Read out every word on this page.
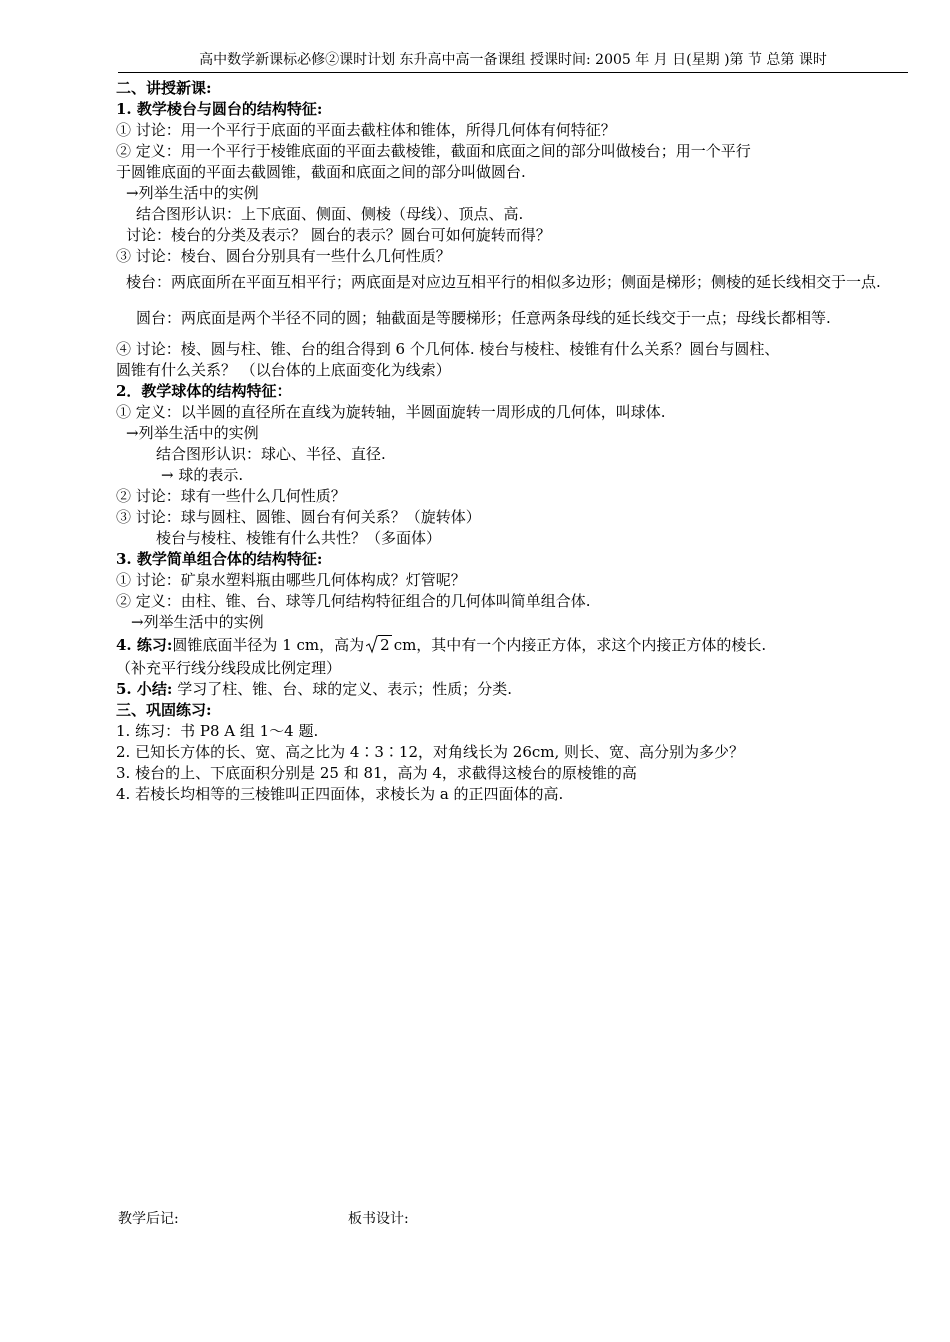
高中数学新课标必修②课时计划 东升高中高一备课组 授课时间: 2005 年 月 日(星期 )第 节 总第 课时
二、讲授新课:
1. 教学棱台与圆台的结构特征:
① 讨论：用一个平行于底面的平面去截柱体和锥体，所得几何体有何特征？
② 定义：用一个平行于棱锥底面的平面去截棱锥，截面和底面之间的部分叫做棱台；用一个平行
于圆锥底面的平面去截圆锥，截面和底面之间的部分叫做圆台.
→列举生活中的实例
结合图形认识：上下底面、侧面、侧棱（母线）、顶点、高.
讨论：棱台的分类及表示？ 圆台的表示？圆台可如何旋转而得？
③ 讨论：棱台、圆台分别具有一些什么几何性质？
棱台：两底面所在平面互相平行；两底面是对应边互相平行的相似多边形；侧面是梯形；侧棱的延长线相交于一点.
圆台：两底面是两个半径不同的圆；轴截面是等腰梯形；任意两条母线的延长线交于一点；母线长都相等.
④ 讨论：棱、圆与柱、锥、台的组合得到 6 个几何体. 棱台与棱柱、棱锥有什么关系？圆台与圆柱、
圆锥有什么关系？ （以台体的上底面变化为线索）
2．教学球体的结构特征：
① 定义：以半圆的直径所在直线为旋转轴，半圆面旋转一周形成的几何体，叫球体.
→列举生活中的实例
结合图形认识：球心、半径、直径.
→ 球的表示.
② 讨论：球有一些什么几何性质？
③ 讨论：球与圆柱、圆锥、圆台有何关系？（旋转体）
棱台与棱柱、棱锥有什么共性？（多面体）
3. 教学简单组合体的结构特征:
① 讨论：矿泉水塑料瓶由哪些几何体构成？灯管呢？
② 定义：由柱、锥、台、球等几何结构特征组合的几何体叫简单组合体.
→列举生活中的实例
4. 练习:圆锥底面半径为 1 cm，高为 2 cm，其中有一个内接正方体，求这个内接正方体的棱长.
（补充平行线分线段成比例定理）
5. 小结: 学习了柱、锥、台、球的定义、表示；性质；分类.
三、巩固练习:
1. 练习：书 P8 A 组 1～4 题.
2. 已知长方体的长、宽、高之比为 4∶3∶12，对角线长为 26cm, 则长、宽、高分别为多少？
3. 棱台的上、下底面积分别是 25 和 81，高为 4，求截得这棱台的原棱锥的高
4. 若棱长均相等的三棱锥叫正四面体，求棱长为 a 的正四面体的高.
教学后记:	板书设计:
